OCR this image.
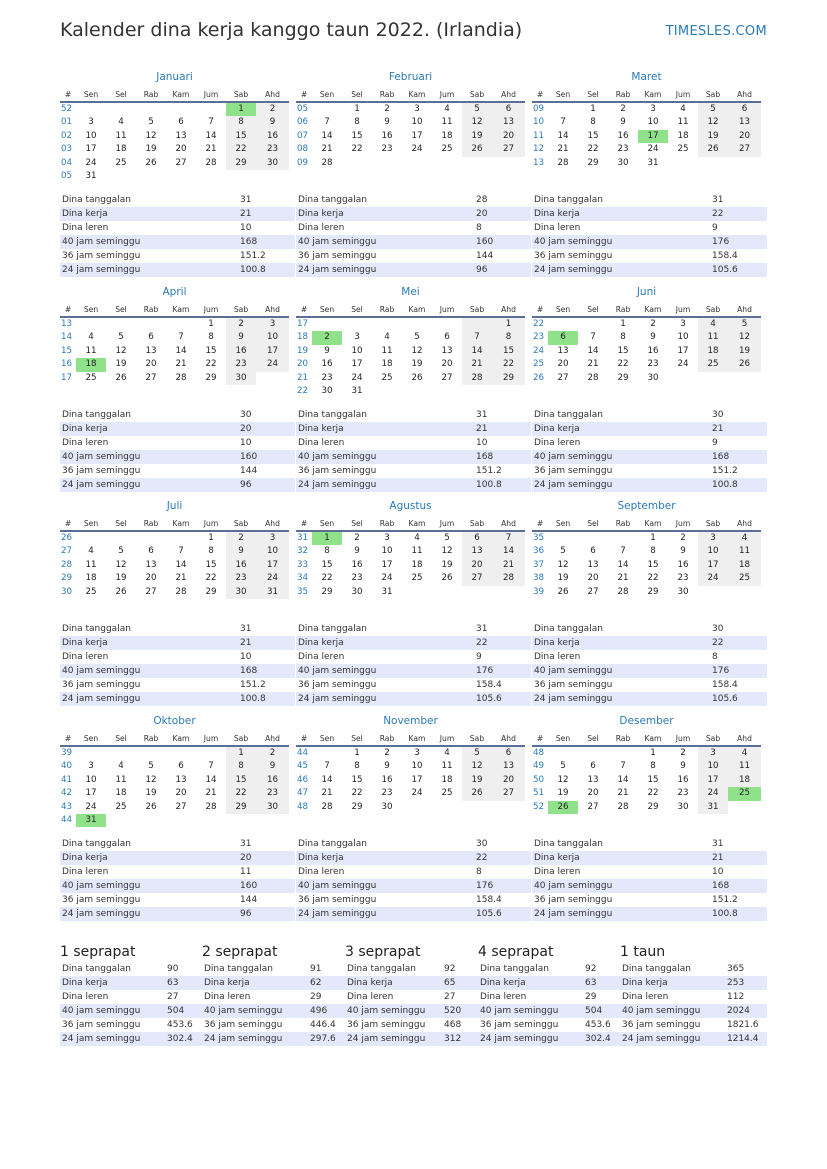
Kalender dina kerja kanggo taun 2022. (Irlandia)	TIMESLES.COM
Januari
#	Sen	Sel	Rab	Kam	Jum	Sab	Ahd
52						1	2
01	3	4	5	6	7	8	9
02	10	11	12	13	14	15	16
03	17	18	19	20	21	22	23
04	24	25	26	27	28	29	30
05	31						
Dina tanggalan	31
Dina kerja	21
Dina leren	10
40 jam seminggu	168
36 jam seminggu	151.2
24 jam seminggu	100.8
Februari
#	Sen	Sel	Rab	Kam	Jum	Sab	Ahd
05		1	2	3	4	5	6
06	7	8	9	10	11	12	13
07	14	15	16	17	18	19	20
08	21	22	23	24	25	26	27
09	28						
Dina tanggalan	28
Dina kerja	20
Dina leren	8
40 jam seminggu	160
36 jam seminggu	144
24 jam seminggu	96
Maret
#	Sen	Sel	Rab	Kam	Jum	Sab	Ahd
09		1	2	3	4	5	6
10	7	8	9	10	11	12	13
11	14	15	16	17	18	19	20
12	21	22	23	24	25	26	27
13	28	29	30	31			
Dina tanggalan	31
Dina kerja	22
Dina leren	9
40 jam seminggu	176
36 jam seminggu	158.4
24 jam seminggu	105.6
April
#	Sen	Sel	Rab	Kam	Jum	Sab	Ahd
13					1	2	3
14	4	5	6	7	8	9	10
15	11	12	13	14	15	16	17
16	18	19	20	21	22	23	24
17	25	26	27	28	29	30	
Dina tanggalan	30
Dina kerja	20
Dina leren	10
40 jam seminggu	160
36 jam seminggu	144
24 jam seminggu	96
Mei
#	Sen	Sel	Rab	Kam	Jum	Sab	Ahd
17							1
18	2	3	4	5	6	7	8
19	9	10	11	12	13	14	15
20	16	17	18	19	20	21	22
21	23	24	25	26	27	28	29
22	30	31					
Dina tanggalan	31
Dina kerja	21
Dina leren	10
40 jam seminggu	168
36 jam seminggu	151.2
24 jam seminggu	100.8
Juni
#	Sen	Sel	Rab	Kam	Jum	Sab	Ahd
22			1	2	3	4	5
23	6	7	8	9	10	11	12
24	13	14	15	16	17	18	19
25	20	21	22	23	24	25	26
26	27	28	29	30			
Dina tanggalan	30
Dina kerja	21
Dina leren	9
40 jam seminggu	168
36 jam seminggu	151.2
24 jam seminggu	100.8
Juli
#	Sen	Sel	Rab	Kam	Jum	Sab	Ahd
26					1	2	3
27	4	5	6	7	8	9	10
28	11	12	13	14	15	16	17
29	18	19	20	21	22	23	24
30	25	26	27	28	29	30	31
Dina tanggalan	31
Dina kerja	21
Dina leren	10
40 jam seminggu	168
36 jam seminggu	151.2
24 jam seminggu	100.8
Agustus
#	Sen	Sel	Rab	Kam	Jum	Sab	Ahd
31	1	2	3	4	5	6	7
32	8	9	10	11	12	13	14
33	15	16	17	18	19	20	21
34	22	23	24	25	26	27	28
35	29	30	31				
Dina tanggalan	31
Dina kerja	22
Dina leren	9
40 jam seminggu	176
36 jam seminggu	158.4
24 jam seminggu	105.6
September
#	Sen	Sel	Rab	Kam	Jum	Sab	Ahd
35				1	2	3	4
36	5	6	7	8	9	10	11
37	12	13	14	15	16	17	18
38	19	20	21	22	23	24	25
39	26	27	28	29	30		
Dina tanggalan	30
Dina kerja	22
Dina leren	8
40 jam seminggu	176
36 jam seminggu	158.4
24 jam seminggu	105.6
Oktober
#	Sen	Sel	Rab	Kam	Jum	Sab	Ahd
39						1	2
40	3	4	5	6	7	8	9
41	10	11	12	13	14	15	16
42	17	18	19	20	21	22	23
43	24	25	26	27	28	29	30
44	31						
Dina tanggalan	31
Dina kerja	20
Dina leren	11
40 jam seminggu	160
36 jam seminggu	144
24 jam seminggu	96
November
#	Sen	Sel	Rab	Kam	Jum	Sab	Ahd
44		1	2	3	4	5	6
45	7	8	9	10	11	12	13
46	14	15	16	17	18	19	20
47	21	22	23	24	25	26	27
48	28	29	30				
Dina tanggalan	30
Dina kerja	22
Dina leren	8
40 jam seminggu	176
36 jam seminggu	158.4
24 jam seminggu	105.6
Desember
#	Sen	Sel	Rab	Kam	Jum	Sab	Ahd
48				1	2	3	4
49	5	6	7	8	9	10	11
50	12	13	14	15	16	17	18
51	19	20	21	22	23	24	25
52	26	27	28	29	30	31	
Dina tanggalan	31
Dina kerja	21
Dina leren	10
40 jam seminggu	168
36 jam seminggu	151.2
24 jam seminggu	100.8
1 seprapat
Dina tanggalan	90
Dina kerja	63
Dina leren	27
40 jam seminggu	504
36 jam seminggu	453.6
24 jam seminggu	302.4
2 seprapat
Dina tanggalan	91
Dina kerja	62
Dina leren	29
40 jam seminggu	496
36 jam seminggu	446.4
24 jam seminggu	297.6
3 seprapat
Dina tanggalan	92
Dina kerja	65
Dina leren	27
40 jam seminggu	520
36 jam seminggu	468
24 jam seminggu	312
4 seprapat
Dina tanggalan	92
Dina kerja	63
Dina leren	29
40 jam seminggu	504
36 jam seminggu	453.6
24 jam seminggu	302.4
1 taun
Dina tanggalan	365
Dina kerja	253
Dina leren	112
40 jam seminggu	2024
36 jam seminggu	1821.6
24 jam seminggu	1214.4
